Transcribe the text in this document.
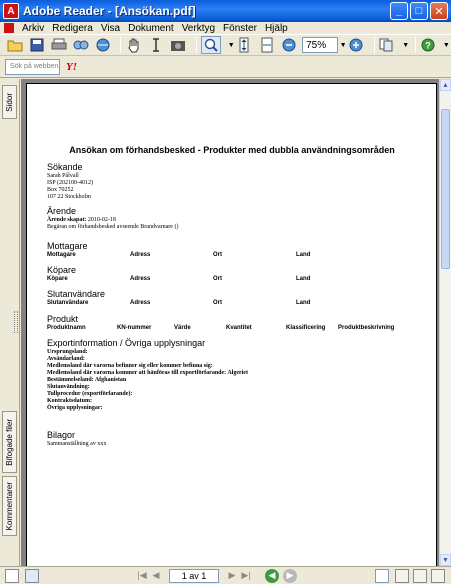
A Adobe Reader - [Ansökan.pdf]	_	□	✕
Arkiv Redigera Visa Dokument Verktyg Fönster Hjälp
▼	75% ▼	▼ ? ▼
Sök på webben Y!
Sidor
Bifogade filer
Kommentarer
Ansökan om förhandsbesked - Produkter med dubbla användningsområden
Sökande
Sarah Pålvall
ISP (202100-4012)
Box 70252
107 22 Stockholm
Ärende
Ärende skapat: 2010-02-18
Begäran om förhandsbesked avseende Brandvarnare ()
Mottagare
Mottagare	Adress	Ort	Land
Köpare
Köpare	Adress	Ort	Land
Slutanvändare
Slutanvändare	Adress	Ort	Land
Produkt
Produktnamn	KN-nummer	Värde	Kvantitet	Klassificering Produktbeskrivning
Exportinformation / Övriga upplysningar
Ursprungsland:
Avsändarland:
Medlemsland där varorna befinner sig eller kommer befinna sig:
Medlemsland där varorna kommer att hänföras till exportförfarande: Algeriet
Bestämmelseland: Afghanistan
Slutanvändning:
Tullprocedur (exportförfarande):
Kontraktsdatum:
Övriga upplysningar:
Bilagor
Sammanställning av xxx
▲
▼
|◀ ◀	1 av 1	▶ ▶|	◀	▶
